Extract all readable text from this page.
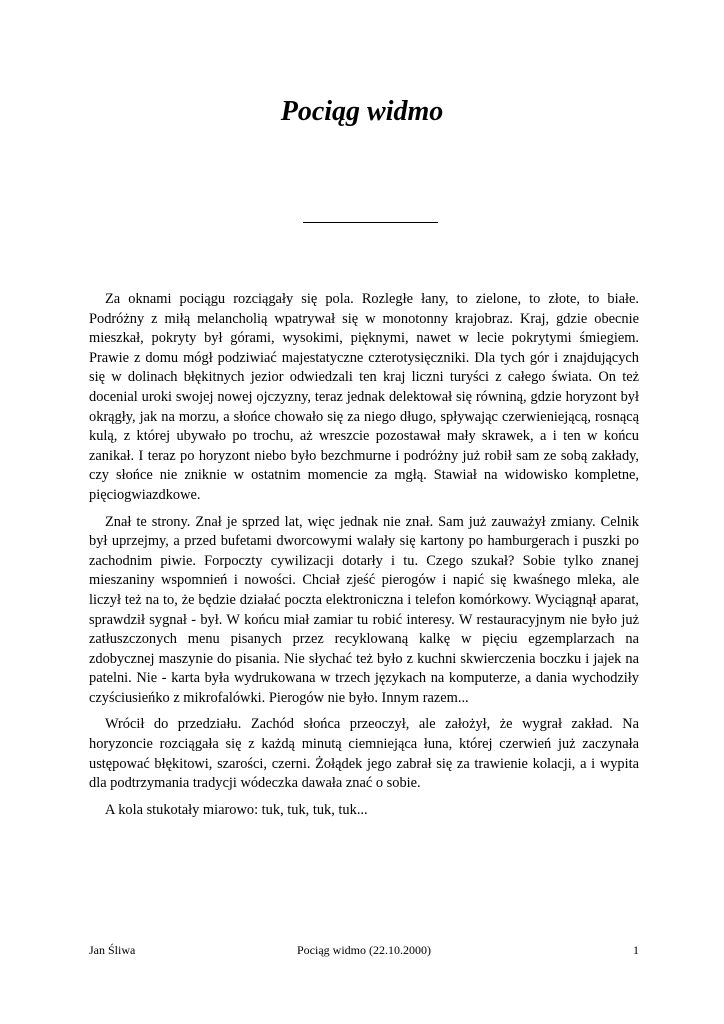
Pociąg widmo

Za oknami pociągu rozciągały się pola. Rozległe łany, to zielone, to złote, to białe. Podróżny z miłą melancholią wpatrywał się w monotonny krajobraz. Kraj, gdzie obecnie mieszkał, pokryty był górami, wysokimi, pięknymi, nawet w lecie pokrytymi śmiegiem. Prawie z domu mógł podziwiać majestatyczne czterotysięczniki. Dla tych gór i znajdujących się w dolinach błękitnych jezior odwiedzali ten kraj liczni turyści z całego świata. On też docenial uroki swojej nowej ojczyzny, teraz jednak delektował się równiną, gdzie horyzont był okrągły, jak na morzu, a słońce chowało się za niego długo, spływając czerwieniejącą, rosnącą kulą, z której ubywało po trochu, aż wreszcie pozostawał mały skrawek, a i ten w końcu zanikał. I teraz po horyzont niebo było bezchmurne i podróżny już robił sam ze sobą zakłady, czy słońce nie zniknie w ostatnim momencie za mgłą. Stawiał na widowisko kompletne, pięciogwiazdkowe.

Znał te strony. Znał je sprzed lat, więc jednak nie znał. Sam już zauważył zmiany. Celnik był uprzejmy, a przed bufetami dworcowymi walały się kartony po hamburgerach i puszki po zachodnim piwie. Forpoczty cywilizacji dotarły i tu. Czego szukał? Sobie tylko znanej mieszaniny wspomnień i nowości. Chciał zjeść pierogów i napić się kwaśnego mleka, ale liczył też na to, że będzie działać poczta elektroniczna i telefon komórkowy. Wyciągnął aparat, sprawdził sygnał - był. W końcu miał zamiar tu robić interesy. W restauracyjnym nie było już zatłuszczonych menu pisanych przez recyklowaną kalkę w pięciu egzemplarzach na zdobycznej maszynie do pisania. Nie słychać też było z kuchni skwierczenia boczku i jajek na patelni. Nie - karta była wydrukowana w trzech językach na komputerze, a dania wychodziły czyściusieńko z mikrofalówki. Pierogów nie było. Innym razem...

Wrócił do przedziału. Zachód słońca przeoczył, ale założył, że wygrał zakład. Na horyzoncie rozciągała się z każdą minutą ciemniejąca łuna, której czerwień już zaczynała ustępować błękitowi, szarości, czerni. Żołądek jego zabrał się za trawienie kolacji, a i wypita dla podtrzymania tradycji wódeczka dawała znać o sobie.

A kola stukotały miarowo: tuk, tuk, tuk, tuk...

Jan Śliwa	Pociąg widmo (22.10.2000)	1
